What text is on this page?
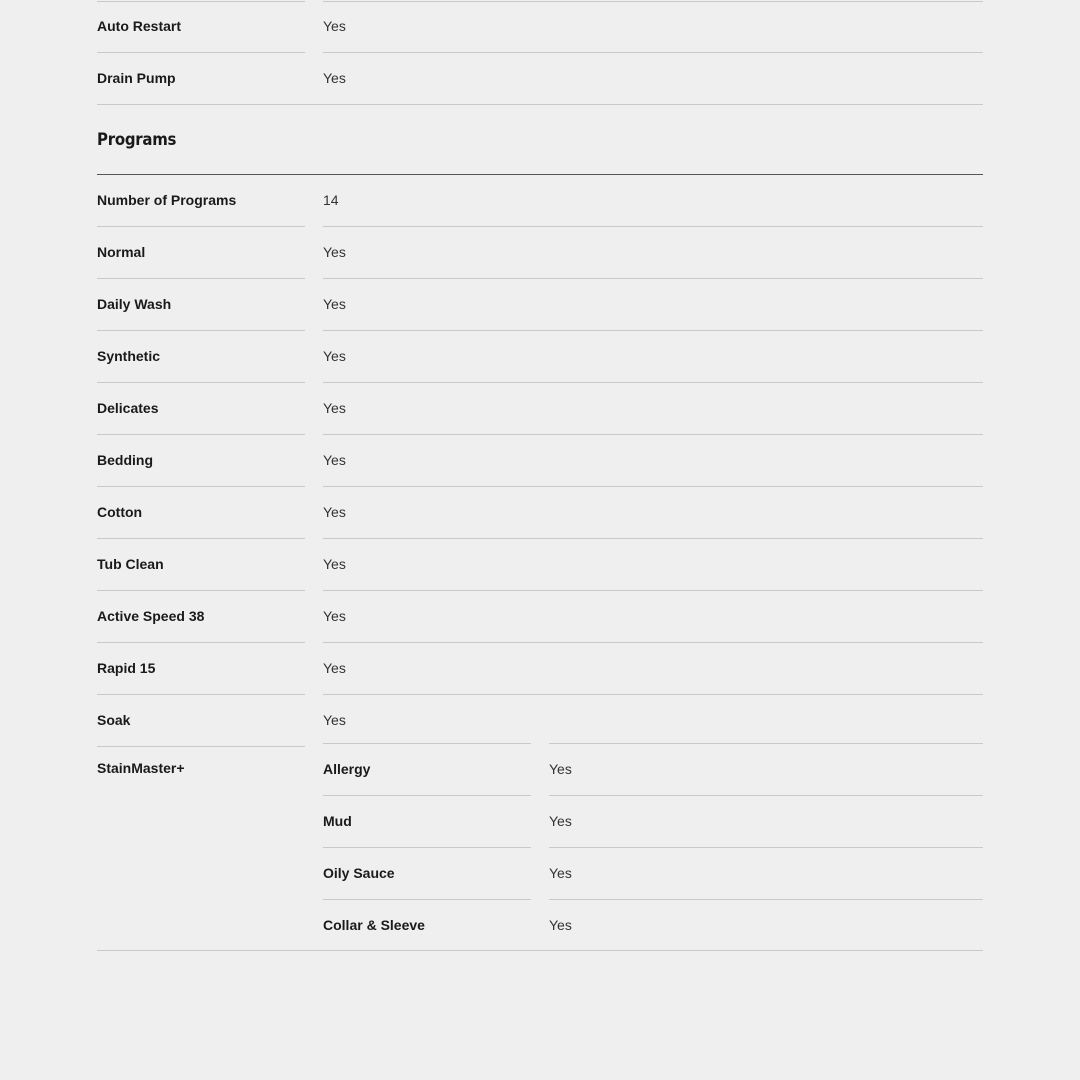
Auto Restart	Yes
Drain Pump	Yes
Programs
Number of Programs	14
Normal	Yes
Daily Wash	Yes
Synthetic	Yes
Delicates	Yes
Bedding	Yes
Cotton	Yes
Tub Clean	Yes
Active Speed 38	Yes
Rapid 15	Yes
Soak	Yes
StainMaster+	Allergy	Yes
Mud	Yes
Oily Sauce	Yes
Collar & Sleeve	Yes
